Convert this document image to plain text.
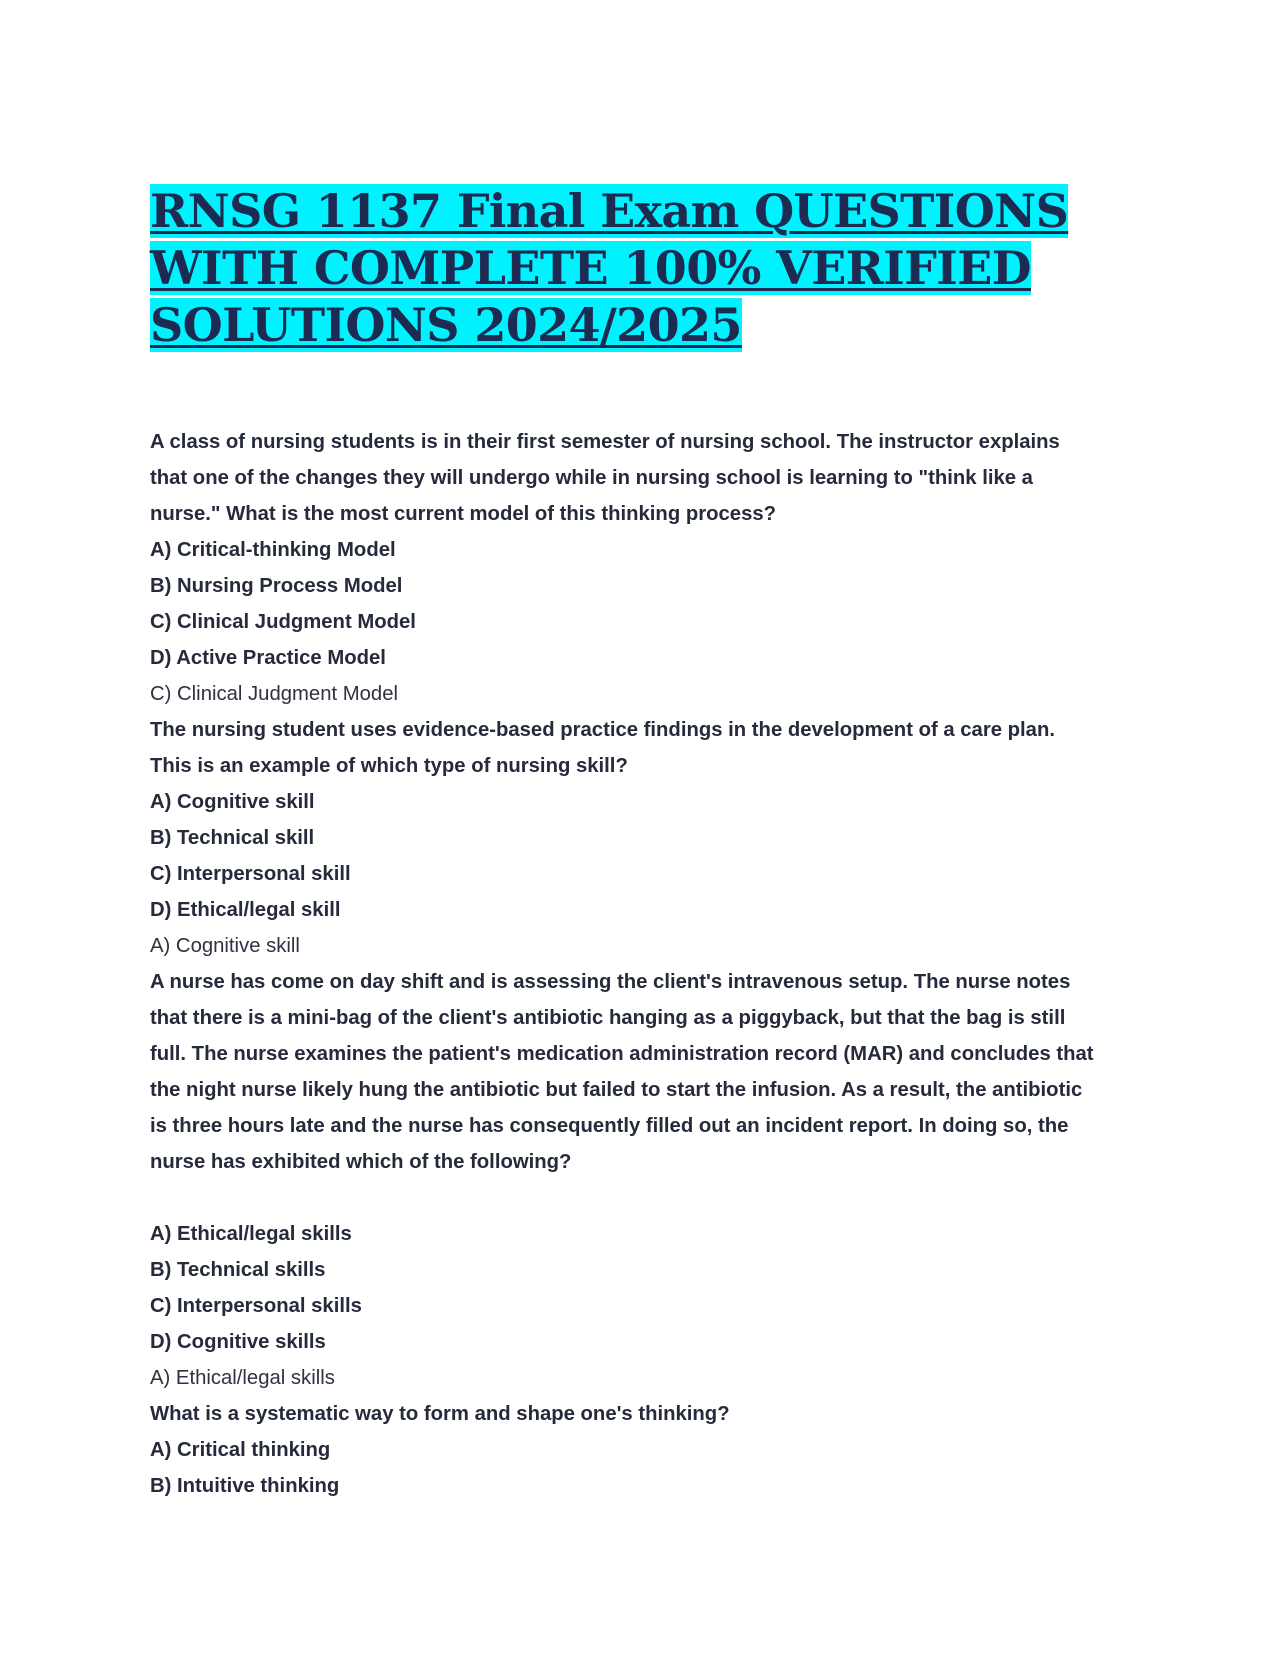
RNSG 1137 Final Exam QUESTIONS
WITH COMPLETE 100% VERIFIED
SOLUTIONS 2024/2025
A class of nursing students is in their first semester of nursing school. The instructor explains
that one of the changes they will undergo while in nursing school is learning to "think like a
nurse." What is the most current model of this thinking process?
A) Critical-thinking Model
B) Nursing Process Model
C) Clinical Judgment Model
D) Active Practice Model
C) Clinical Judgment Model
The nursing student uses evidence-based practice findings in the development of a care plan.
This is an example of which type of nursing skill?
A) Cognitive skill
B) Technical skill
C) Interpersonal skill
D) Ethical/legal skill
A) Cognitive skill
A nurse has come on day shift and is assessing the client's intravenous setup. The nurse notes
that there is a mini-bag of the client's antibiotic hanging as a piggyback, but that the bag is still
full. The nurse examines the patient's medication administration record (MAR) and concludes that
the night nurse likely hung the antibiotic but failed to start the infusion. As a result, the antibiotic
is three hours late and the nurse has consequently filled out an incident report. In doing so, the
nurse has exhibited which of the following?
A) Ethical/legal skills
B) Technical skills
C) Interpersonal skills
D) Cognitive skills
A) Ethical/legal skills
What is a systematic way to form and shape one's thinking?
A) Critical thinking
B) Intuitive thinking
